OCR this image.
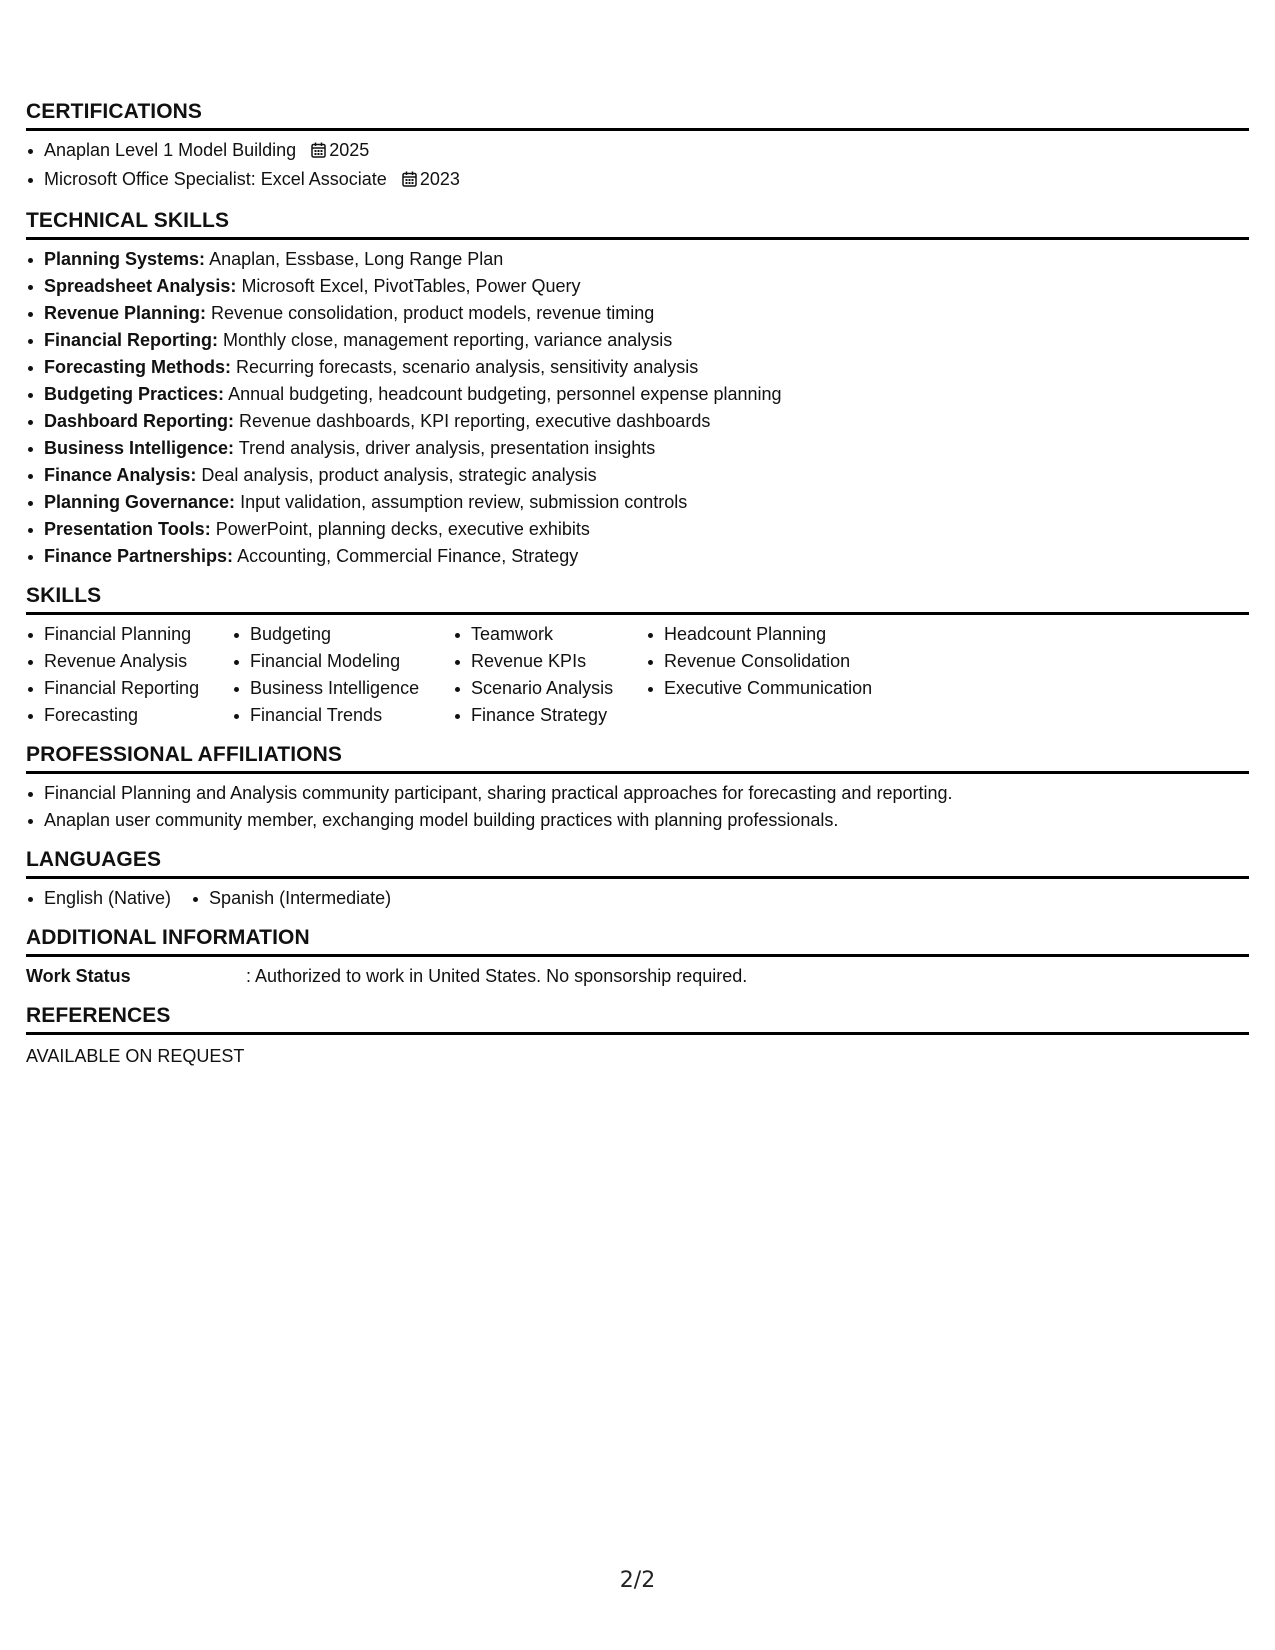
CERTIFICATIONS
Anaplan Level 1 Model Building 2025
Microsoft Office Specialist: Excel Associate 2023
TECHNICAL SKILLS
Planning Systems: Anaplan, Essbase, Long Range Plan
Spreadsheet Analysis: Microsoft Excel, PivotTables, Power Query
Revenue Planning: Revenue consolidation, product models, revenue timing
Financial Reporting: Monthly close, management reporting, variance analysis
Forecasting Methods: Recurring forecasts, scenario analysis, sensitivity analysis
Budgeting Practices: Annual budgeting, headcount budgeting, personnel expense planning
Dashboard Reporting: Revenue dashboards, KPI reporting, executive dashboards
Business Intelligence: Trend analysis, driver analysis, presentation insights
Finance Analysis: Deal analysis, product analysis, strategic analysis
Planning Governance: Input validation, assumption review, submission controls
Presentation Tools: PowerPoint, planning decks, executive exhibits
Finance Partnerships: Accounting, Commercial Finance, Strategy
SKILLS
Financial Planning
Revenue Analysis
Financial Reporting
Forecasting
Budgeting
Financial Modeling
Business Intelligence
Financial Trends
Teamwork
Revenue KPIs
Scenario Analysis
Finance Strategy
Headcount Planning
Revenue Consolidation
Executive Communication
PROFESSIONAL AFFILIATIONS
Financial Planning and Analysis community participant, sharing practical approaches for forecasting and reporting.
Anaplan user community member, exchanging model building practices with planning professionals.
LANGUAGES
English (Native)	Spanish (Intermediate)
ADDITIONAL INFORMATION
Work Status	: Authorized to work in United States. No sponsorship required.
REFERENCES
AVAILABLE ON REQUEST
2/2
